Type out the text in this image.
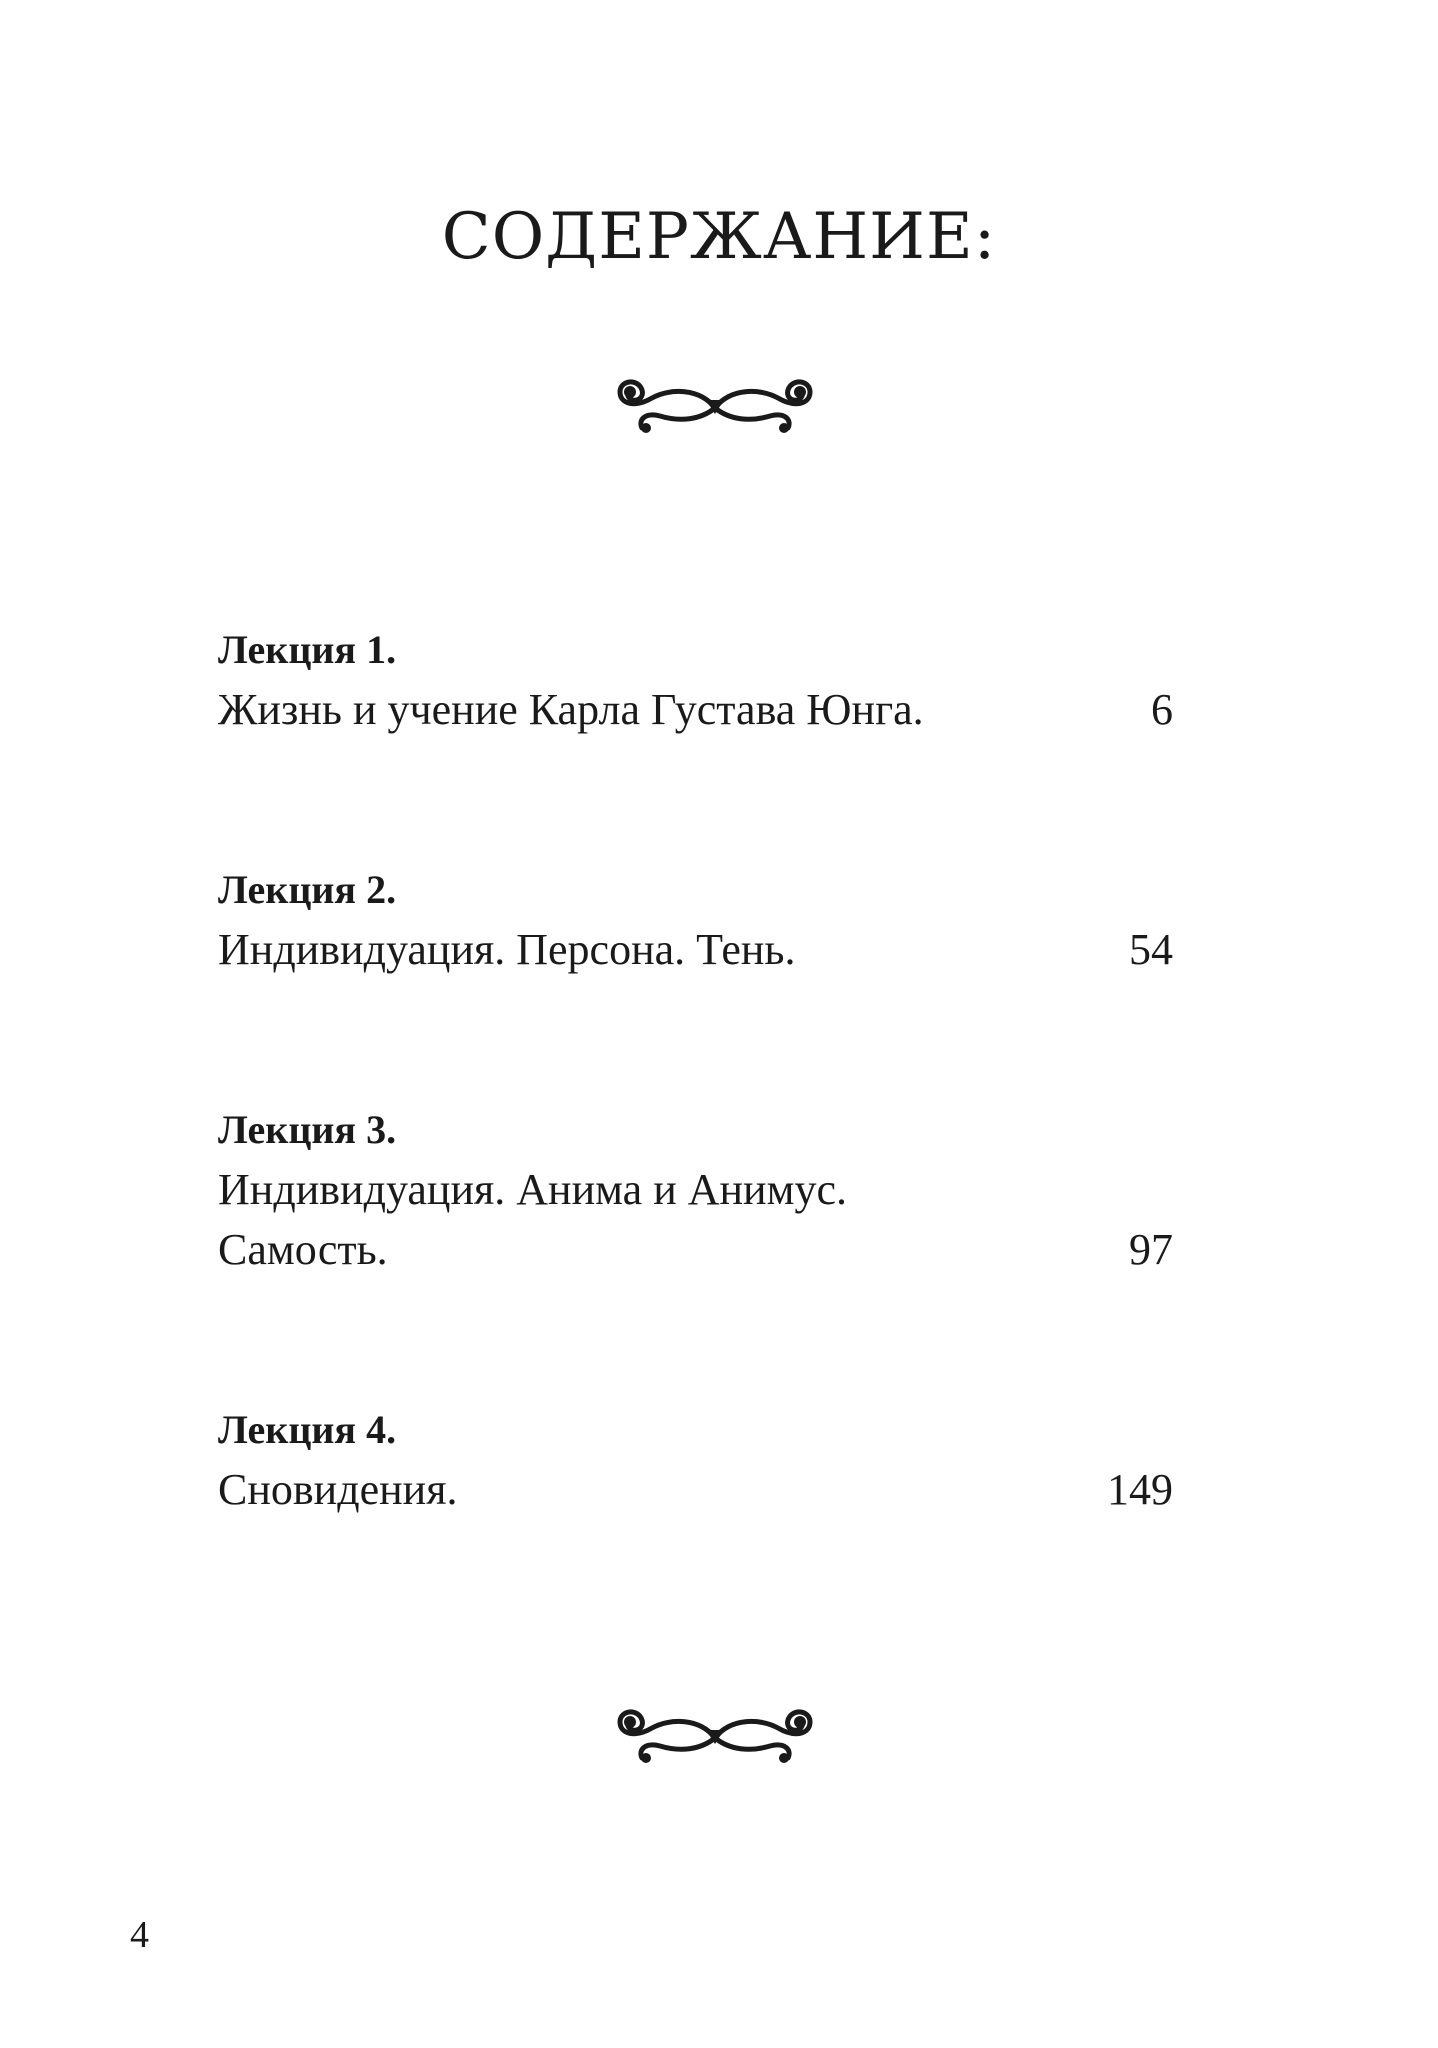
СОДЕРЖАНИЕ:
Лекция 1.
Жизнь и учение Карла Густава Юнга.	6
Лекция 2.
Индивидуация. Персона. Тень.	54
Лекция 3.
Индивидуация. Анима и Анимус.
Самость.	97
Лекция 4.
Сновидения.	149
4
